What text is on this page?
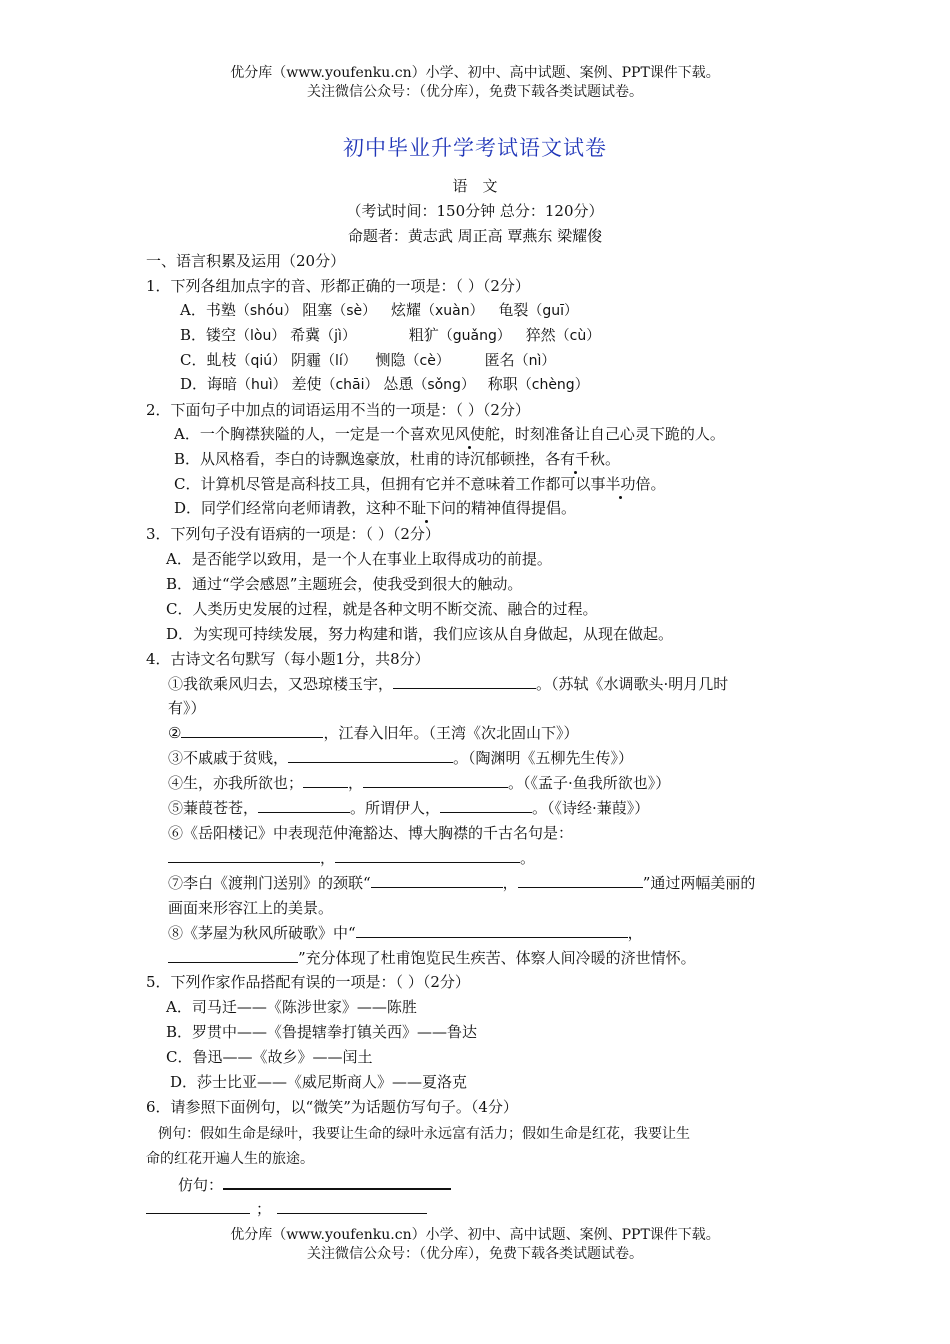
优分库（www.youfenku.cn）小学、初中、高中试题、案例、PPT课件下载。
关注微信公众号：（优分库），免费下载各类试题试卷。
初中毕业升学考试语文试卷
语　文
（考试时间：150分钟 总分：120分）
命题者：黄志武 周正高 覃燕东 梁耀俊
一、语言积累及运用（20分）
1．下列各组加点字的音、形都正确的一项是：（ ）（2分）
A．书塾（shóu） 阻塞（sè） 炫耀（xuàn） 龟裂（guī）
B．镂空（lòu） 希冀（jì）	粗犷（guǎng） 猝然（cù）
C．虬枝（qiú） 阴霾（lí） 恻隐（cè） 匿名（nì）
D．诲暗（huì） 差使（chāi） 怂恿（sǒng） 称职（chèng）
2．下面句子中加点的词语运用不当的一项是：（ ）（2分）
A．一个胸襟狭隘的人，一定是一个喜欢见风使舵，时刻准备让自己心灵下跪的人。
B．从风格看，李白的诗飘逸豪放，杜甫的诗沉郁顿挫，各有千秋。
C．计算机尽管是高科技工具，但拥有它并不意味着工作都可以事半功倍。
D．同学们经常向老师请教，这种不耻下问的精神值得提倡。
3．下列句子没有语病的一项是：（ ）（2分）
A．是否能学以致用，是一个人在事业上取得成功的前提。
B．通过“学会感恩”主题班会，使我受到很大的触动。
C．人类历史发展的过程，就是各种文明不断交流、融合的过程。
D．为实现可持续发展，努力构建和谐，我们应该从自身做起，从现在做起。
4．古诗文名句默写（每小题1分，共8分）
①我欲乘风归去，又恐琼楼玉宇，	。（苏轼《水调歌头·明月几时
有》）
②	，江春入旧年。（王湾《次北固山下》）
③不戚戚于贫贱，	。（陶渊明《五柳先生传》）
④生，亦我所欲也；	，	。（《孟子·鱼我所欲也》）
⑤蒹葭苍苍，	。所谓伊人，	。（《诗经·蒹葭》）
⑥《岳阳楼记》中表现范仲淹豁达、博大胸襟的千古名句是：
，	。
⑦李白《渡荆门送别》的颈联“	，	”通过两幅美丽的
画面来形容江上的美景。
⑧《茅屋为秋风所破歌》中“	，
”充分体现了杜甫饱览民生疾苦、体察人间冷暖的济世情怀。
5．下列作家作品搭配有误的一项是：（ ）（2分）
A．司马迁——《陈涉世家》——陈胜
B．罗贯中——《鲁提辖拳打镇关西》——鲁达
C．鲁迅——《故乡》——闰土
D．莎士比亚——《威尼斯商人》——夏洛克
6．请参照下面例句，以“微笑”为话题仿写句子。（4分）
例句：假如生命是绿叶，我要让生命的绿叶永远富有活力；假如生命是红花，我要让生
命的红花开遍人生的旅途。
仿句：
；
优分库（www.youfenku.cn）小学、初中、高中试题、案例、PPT课件下载。
关注微信公众号：（优分库），免费下载各类试题试卷。
